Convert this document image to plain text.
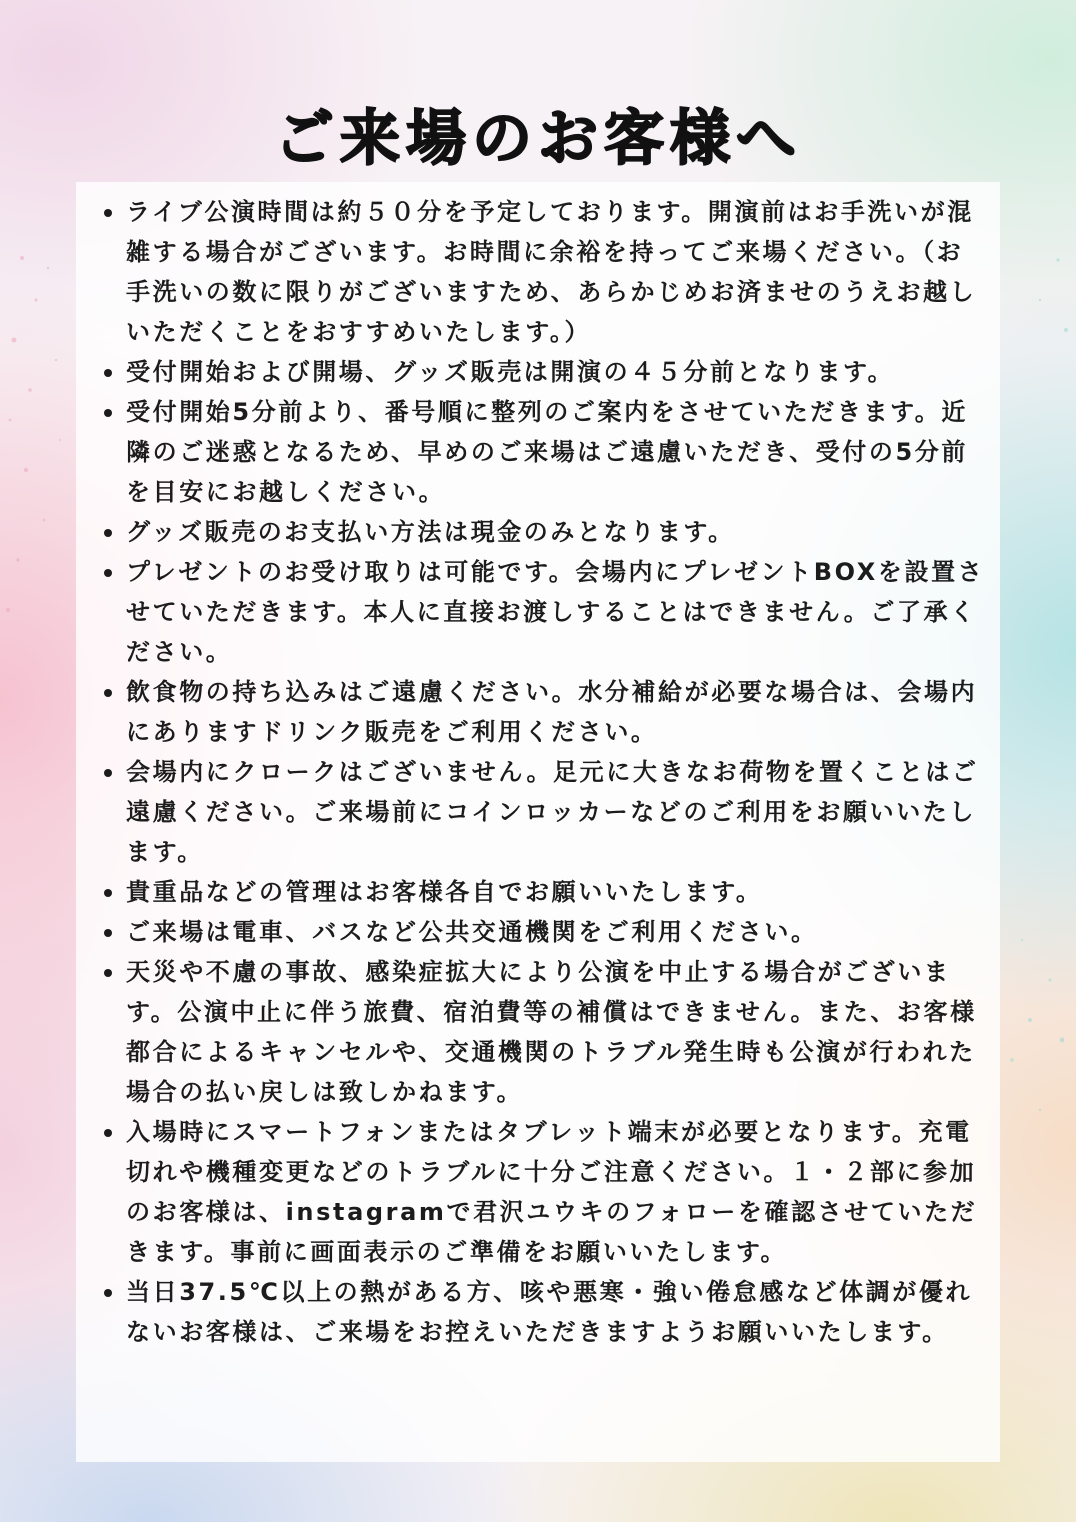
ご来場のお客様へ
ライブ公演時間は約５０分を予定しております。開演前はお手洗いが混雑する場合がございます。お時間に余裕を持ってご来場ください。（お手洗いの数に限りがございますため、あらかじめお済ませのうえお越しいただくことをおすすめいたします。）
受付開始および開場、グッズ販売は開演の４５分前となります。
受付開始5分前より、番号順に整列のご案内をさせていただきます。近隣のご迷惑となるため、早めのご来場はご遠慮いただき、受付の5分前を目安にお越しください。
グッズ販売のお支払い方法は現金のみとなります。
プレゼントのお受け取りは可能です。会場内にプレゼントBOXを設置させていただきます。本人に直接お渡しすることはできません。ご了承ください。
飲食物の持ち込みはご遠慮ください。水分補給が必要な場合は、会場内にありますドリンク販売をご利用ください。
会場内にクロークはございません。足元に大きなお荷物を置くことはご遠慮ください。ご来場前にコインロッカーなどのご利用をお願いいたします。
貴重品などの管理はお客様各自でお願いいたします。
ご来場は電車、バスなど公共交通機関をご利用ください。
天災や不慮の事故、感染症拡大により公演を中止する場合がございます。公演中止に伴う旅費、宿泊費等の補償はできません。また、お客様都合によるキャンセルや、交通機関のトラブル発生時も公演が行われた場合の払い戻しは致しかねます。
入場時にスマートフォンまたはタブレット端末が必要となります。充電切れや機種変更などのトラブルに十分ご注意ください。１・２部に参加のお客様は、instagramで君沢ユウキのフォローを確認させていただきます。事前に画面表示のご準備をお願いいたします。
当日37.5℃以上の熱がある方、咳や悪寒・強い倦怠感など体調が優れないお客様は、ご来場をお控えいただきますようお願いいたします。
